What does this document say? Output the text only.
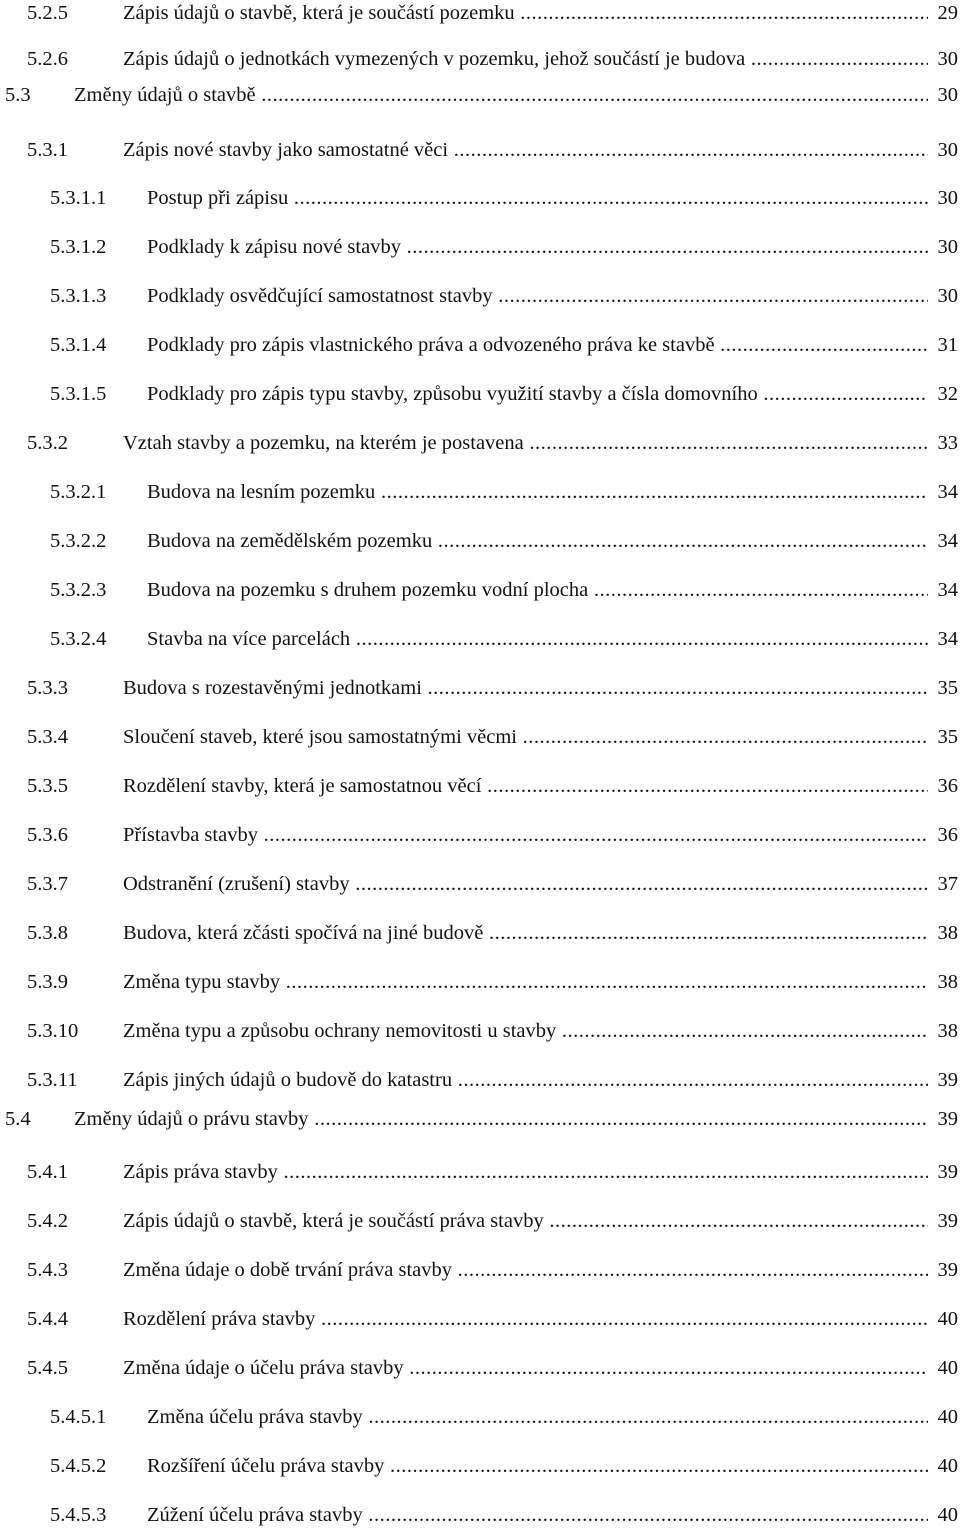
5.2.5	Zápis údajů o stavbě, která je součástí pozemku .....	29
5.2.6	Zápis údajů o jednotkách vymezených v pozemku, jehož součástí je budova .....	30
5.3 Změny údajů o stavbě .....	30
5.3.1	Zápis nové stavby jako samostatné věci .....	30
5.3.1.1 Postup při zápisu .....	30
5.3.1.2 Podklady k zápisu nové stavby .....	30
5.3.1.3 Podklady osvědčující samostatnost stavby .....	30
5.3.1.4 Podklady pro zápis vlastnického práva a odvozeného práva ke stavbě .....	31
5.3.1.5 Podklady pro zápis typu stavby, způsobu využití stavby a čísla domovního .....	32
5.3.2	Vztah stavby a pozemku, na kterém je postavena .....	33
5.3.2.1 Budova na lesním pozemku .....	34
5.3.2.2 Budova na zemědělském pozemku .....	34
5.3.2.3 Budova na pozemku s druhem pozemku vodní plocha .....	34
5.3.2.4 Stavba na více parcelách .....	34
5.3.3	Budova s rozestavěnými jednotkami .....	35
5.3.4	Sloučení staveb, které jsou samostatnými věcmi .....	35
5.3.5	Rozdělení stavby, která je samostatnou věcí .....	36
5.3.6	Přístavba stavby .....	36
5.3.7	Odstranění (zrušení) stavby .....	37
5.3.8	Budova, která zčásti spočívá na jiné budově .....	38
5.3.9	Změna typu stavby .....	38
5.3.10 Změna typu a způsobu ochrany nemovitosti u stavby .....	38
5.3.11 Zápis jiných údajů o budově do katastru .....	39
5.4 Změny údajů o právu stavby .....	39
5.4.1	Zápis práva stavby .....	39
5.4.2	Zápis údajů o stavbě, která je součástí práva stavby .....	39
5.4.3	Změna údaje o době trvání práva stavby .....	39
5.4.4	Rozdělení práva stavby .....	40
5.4.5	Změna údaje o účelu práva stavby .....	40
5.4.5.1 Změna účelu práva stavby .....	40
5.4.5.2 Rozšíření účelu práva stavby .....	40
5.4.5.3 Zúžení účelu práva stavby .....	40
